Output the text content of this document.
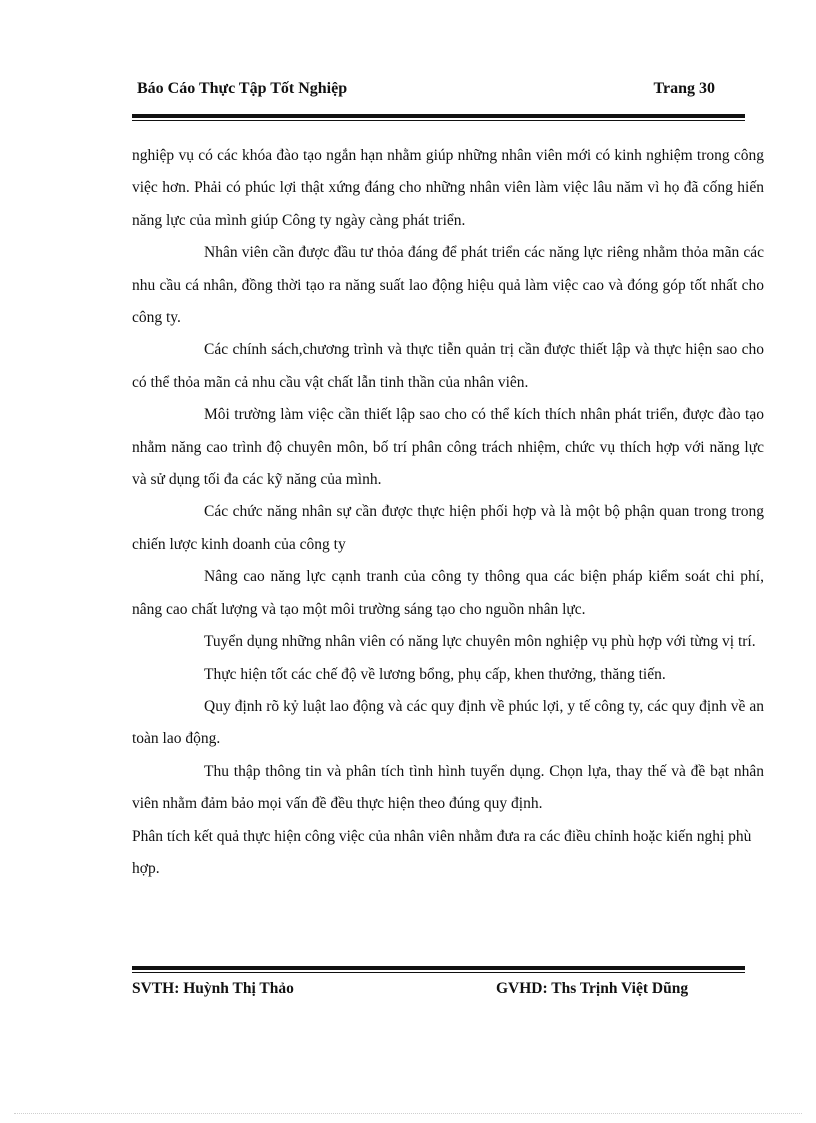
Báo Cáo Thực Tập Tốt Nghiệp	Trang 30

nghiệp vụ có các khóa đào tạo ngắn hạn nhằm giúp những nhân viên mới có kinh nghiệm trong công việc hơn. Phải có phúc lợi thật xứng đáng cho những nhân viên làm việc lâu năm vì họ đã cống hiến năng lực của mình giúp Công ty ngày càng phát triển.

Nhân viên cần được đầu tư thỏa đáng để phát triển các năng lực riêng nhằm thỏa mãn các nhu cầu cá nhân, đồng thời tạo ra năng suất lao động hiệu quả làm việc cao và đóng góp tốt nhất cho công ty.

Các chính sách,chương trình và thực tiễn quản trị cần được thiết lập và thực hiện sao cho có thể thỏa mãn cả nhu cầu vật chất lẫn tinh thần của nhân viên.

Môi trường làm việc cần thiết lập sao cho có thể kích thích nhân phát triển, được đào tạo nhằm năng cao trình độ chuyên môn, bố trí phân công trách nhiệm, chức vụ thích hợp với năng lực và sử dụng tối đa các kỹ năng của mình.

Các chức năng nhân sự cần được thực hiện phối hợp và là một bộ phận quan trong trong chiến lược kinh doanh của công ty

Nâng cao năng lực cạnh tranh của công ty thông qua các biện pháp kiểm soát chi phí, nâng cao chất lượng và tạo một môi trường sáng tạo cho nguồn nhân lực.

Tuyển dụng những nhân viên có năng lực chuyên môn nghiệp vụ phù hợp với từng vị trí.

Thực hiện tốt các chế độ về lương bổng, phụ cấp, khen thưởng, thăng tiến.

Quy định rõ kỷ luật lao động và các quy định về phúc lợi, y tế công ty, các quy định về an toàn lao động.

Thu thập thông tin và phân tích tình hình tuyển dụng. Chọn lựa, thay thế và đề bạt nhân viên nhằm đảm bảo mọi vấn đề đều thực hiện theo đúng quy định.

Phân tích kết quả thực hiện công việc của nhân viên nhằm đưa ra các điều chỉnh hoặc kiến nghị phù hợp.

SVTH: Huỳnh Thị Thảo	GVHD: Ths Trịnh Việt Dũng
